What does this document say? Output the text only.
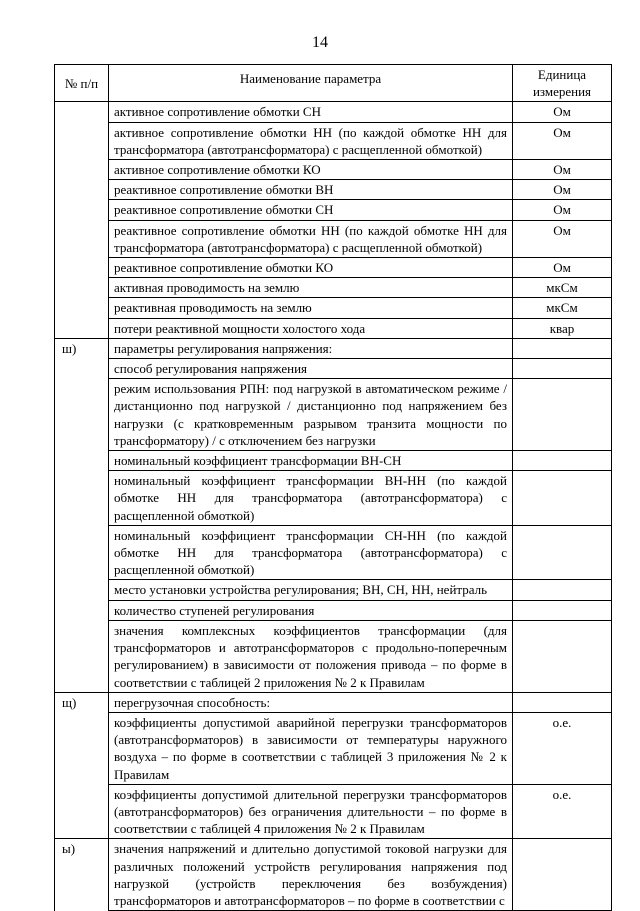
14
№ п/п	Наименование параметра	Единица измерения
	активное сопротивление обмотки СН	Ом
	активное сопротивление обмотки НН (по каждой обмотке НН для трансформатора (автотрансформатора) с расщепленной обмоткой)	Ом
	активное сопротивление обмотки КО	Ом
	реактивное сопротивление обмотки ВН	Ом
	реактивное сопротивление обмотки СН	Ом
	реактивное сопротивление обмотки НН (по каждой обмотке НН для трансформатора (автотрансформатора) с расщепленной обмоткой)	Ом
	реактивное сопротивление обмотки КО	Ом
	активная проводимость на землю	мкСм
	реактивная проводимость на землю	мкСм
	потери реактивной мощности холостого хода	квар
ш)	параметры регулирования напряжения:	
	способ регулирования напряжения	
	режим использования РПН: под нагрузкой в автоматическом режиме / дистанционно под нагрузкой / дистанционно под напряжением без нагрузки (с кратковременным разрывом транзита мощности по трансформатору) / с отключением без нагрузки	
	номинальный коэффициент трансформации ВН-СН	
	номинальный коэффициент трансформации ВН-НН (по каждой обмотке НН для трансформатора (автотрансформатора) с расщепленной обмоткой)	
	номинальный коэффициент трансформации СН-НН (по каждой обмотке НН для трансформатора (автотрансформатора) с расщепленной обмоткой)	
	место установки устройства регулирования; ВН, СН, НН, нейтраль	
	количество ступеней регулирования	
	значения комплексных коэффициентов трансформации (для трансформаторов и автотрансформаторов с продольно-поперечным регулированием) в зависимости от положения привода – по форме в соответствии с таблицей 2 приложения № 2 к Правилам	
щ)	перегрузочная способность:	
	коэффициенты допустимой аварийной перегрузки трансформаторов (автотрансформаторов) в зависимости от температуры наружного воздуха – по форме в соответствии с таблицей 3 приложения № 2 к Правилам	о.е.
	коэффициенты допустимой длительной перегрузки трансформаторов (автотрансформаторов) без ограничения длительности – по форме в соответствии с таблицей 4 приложения № 2 к Правилам	о.е.
ы)	значения напряжений и длительно допустимой токовой нагрузки для различных положений устройств регулирования напряжения под нагрузкой (устройств переключения без возбуждения) трансформаторов и автотрансформаторов – по форме в соответствии с	
